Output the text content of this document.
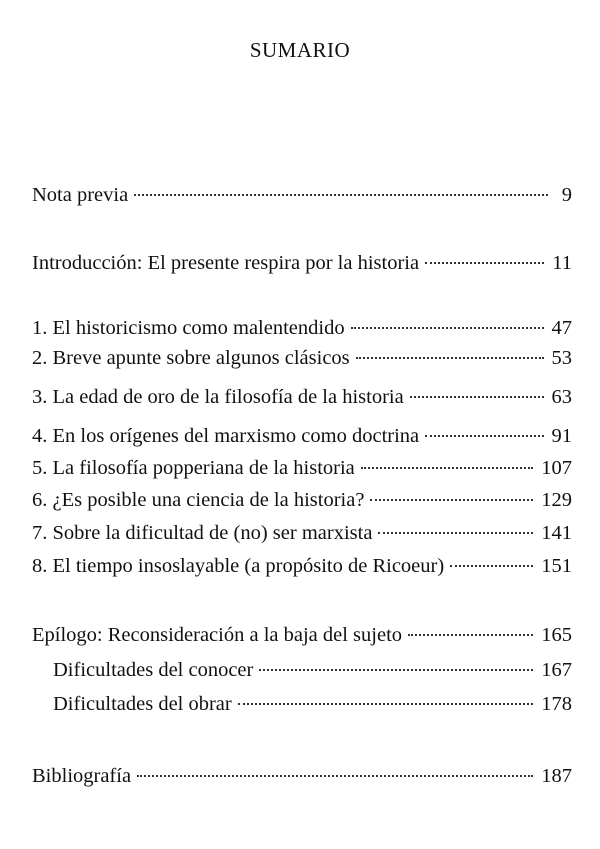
SUMARIO
Nota previa	9
Introducción: El presente respira por la historia	11
1. El historicismo como malentendido	47
2. Breve apunte sobre algunos clásicos	53
3. La edad de oro de la filosofía de la historia	63
4. En los orígenes del marxismo como doctrina	91
5. La filosofía popperiana de la historia	107
6. ¿Es posible una ciencia de la historia?	129
7. Sobre la dificultad de (no) ser marxista	141
8. El tiempo insoslayable (a propósito de Ricoeur)	151
Epílogo: Reconsideración a la baja del sujeto	165
Dificultades del conocer	167
Dificultades del obrar	178
Bibliografía	187
